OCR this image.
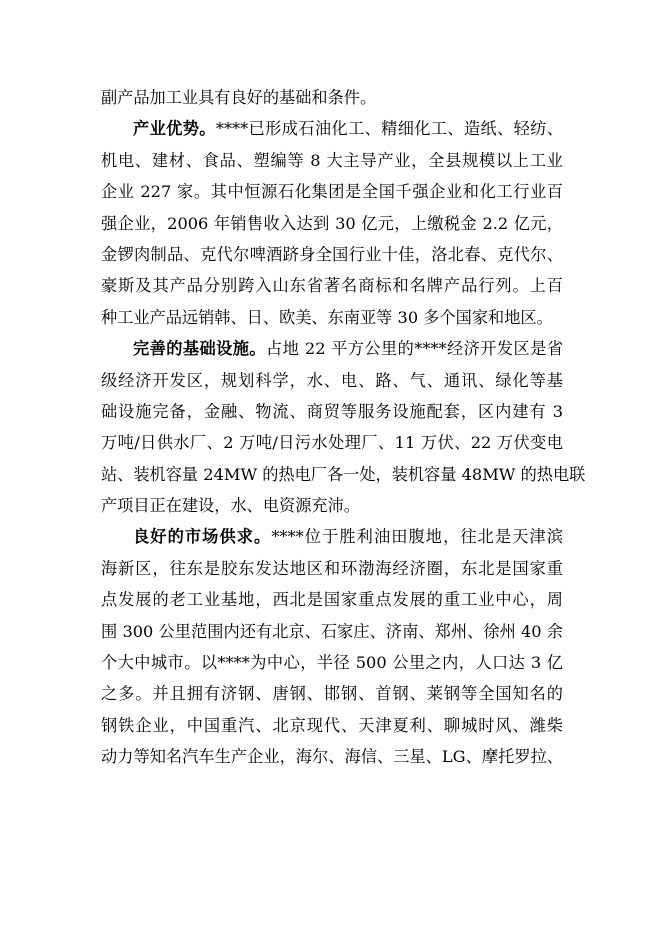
副产品加工业具有良好的基础和条件。
产业优势。****已形成石油化工、精细化工、造纸、轻纺、
机电、建材、食品、塑编等 8 大主导产业，全县规模以上工业
企业 227 家。其中恒源石化集团是全国千强企业和化工行业百
强企业，2006 年销售收入达到 30 亿元，上缴税金 2.2 亿元，
金锣肉制品、克代尔啤酒跻身全国行业十佳，洛北春、克代尔、
豪斯及其产品分别跨入山东省著名商标和名牌产品行列。上百
种工业产品远销韩、日、欧美、东南亚等 30 多个国家和地区。
完善的基础设施。占地 22 平方公里的****经济开发区是省
级经济开发区，规划科学，水、电、路、气、通讯、绿化等基
础设施完备，金融、物流、商贸等服务设施配套，区内建有 3
万吨/日供水厂、2 万吨/日污水处理厂、11 万伏、22 万伏变电
站、装机容量 24MW 的热电厂各一处，装机容量 48MW 的热电联
产项目正在建设，水、电资源充沛。
良好的市场供求。****位于胜利油田腹地，往北是天津滨
海新区，往东是胶东发达地区和环渤海经济圈，东北是国家重
点发展的老工业基地，西北是国家重点发展的重工业中心，周
围 300 公里范围内还有北京、石家庄、济南、郑州、徐州 40 余
个大中城市。以****为中心，半径 500 公里之内，人口达 3 亿
之多。并且拥有济钢、唐钢、邯钢、首钢、莱钢等全国知名的
钢铁企业，中国重汽、北京现代、天津夏利、聊城时风、潍柴
动力等知名汽车生产企业，海尔、海信、三星、LG、摩托罗拉、
